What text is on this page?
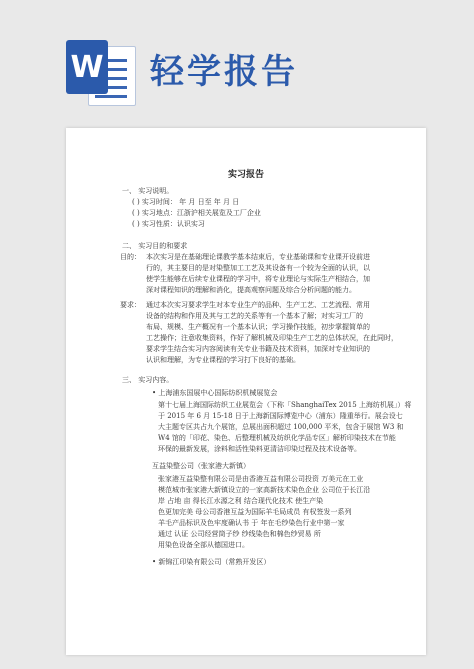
W 轻学报告
实习报告
一、 实习说明。
( ) 实习时间： 年 月 日至 年 月 日
( ) 实习地点：江浙沪相关展览及工厂企业
( ) 实习性质：认识实习
二、 实习目的和要求
目的： 本次实习是在基础理论课教学基本结束后，专业基础课和专业课开设前进
行的，其主要目的是对染整加工工艺及其设备有一个较为全面的认识，以
使学生能够在后续专业课程的学习中，将专业理论与实际生产相结合，加
深对课程知识的理解和消化，提高观察问题及综合分析问题的能力。
要求： 通过本次实习要求学生对本专业生产的品种、生产工艺、工艺流程、常用
设备的结构和作用及其与工艺的关系等有一个基本了解；对实习工厂的
布局、规模、生产概况有一个基本认识；学习操作技能，初步掌握简单的
工艺操作；注意收集资料，作好了解机械及印染生产工艺的总体状况，在此同时，
要求学生结合实习内容阅读有关专业书籍及技术资料，加深对专业知识的
认识和理解，为专业课程的学习打下良好的基础。
三、 实习内容。
• 上海浦东国展中心国际纺织机械展览会
第十七届上海国际纺织工业展览会（下称「ShanghaiTex 2015 上海纺机展」）将
于 2015 年 6 月 15-18 日于上海新国际博览中心（浦东）隆重举行。展会设七
大主题专区共占九个展馆，总展出面积超过 100,000 平米，包含于展馆 W3 和
W4 馆的「印花、染色、后整理机械及纺织化学品专区」解析印染技术在节能
环保的最新发展，涂料和活性染料更清洁印染过程及技术设备等。
互益染整公司（张家港大新镇）
张家港互益染整有限公司是由香港互益有限公司投资 万美元在工业
模范城市张家港大新镇设立的一家高新技术染色企业 公司位于长江沿
岸 占地 亩 得长江水源之利 结合现代化技术 使生产染
色更加完美 母公司香港互益为国际羊毛局成员 有权签发一系列
羊毛产品标识及色牢度确认书 于 年在毛纱染色行业中第一家
通过 认证 公司经营筒子纱 纱线染色和棉色纱贸易 所
用染色设备全部从德国进口。
• 新锦江印染有限公司（常熟开发区）
